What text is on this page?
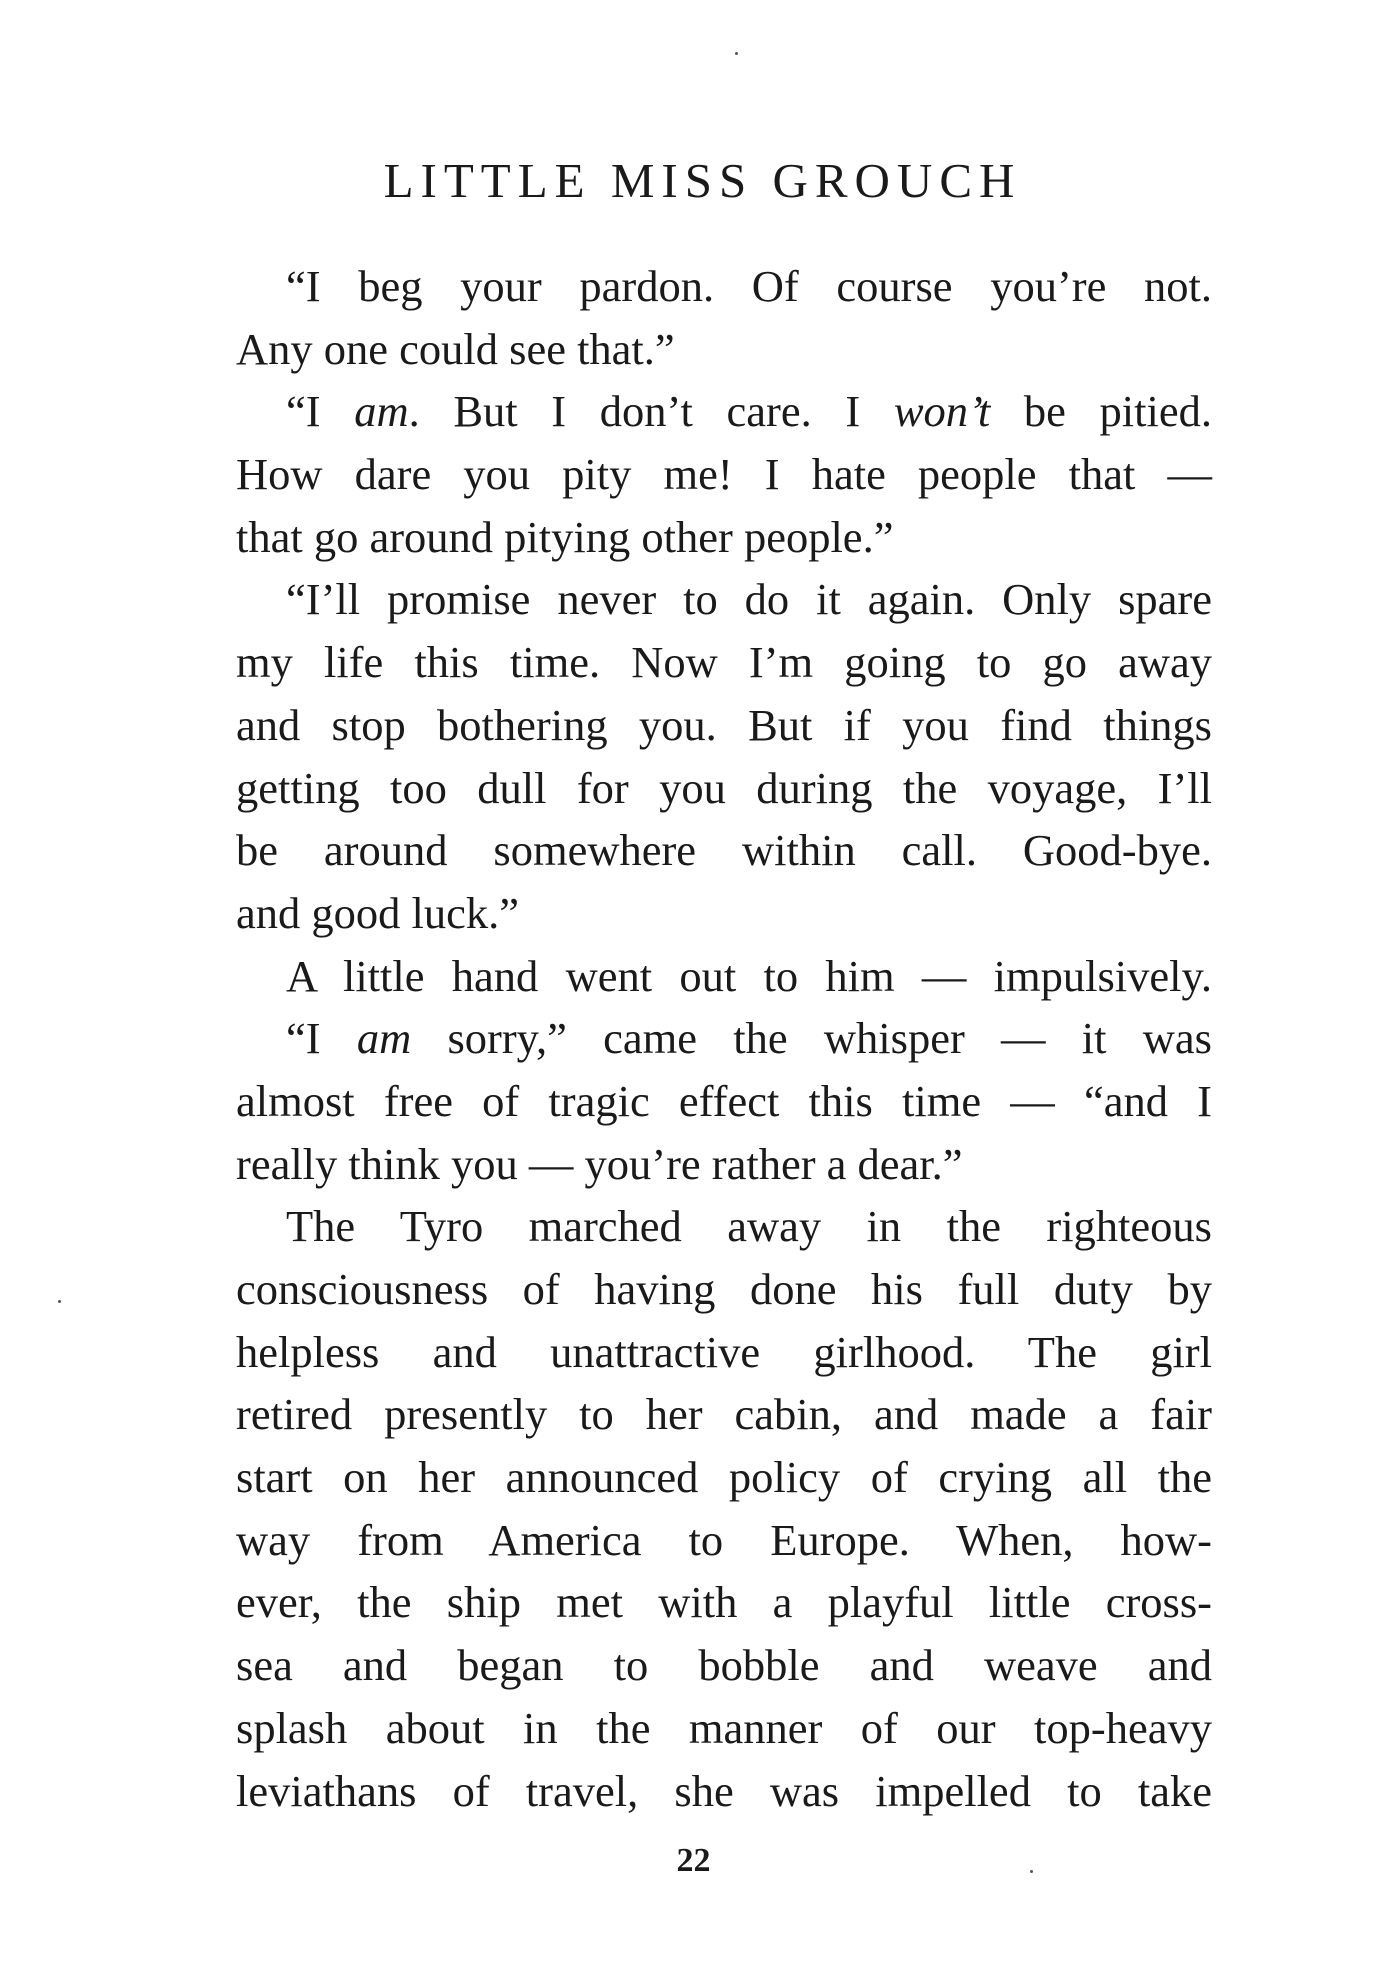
LITTLE MISS GROUCH
“I beg your pardon. Of course you’re not.
Any one could see that.”
“I am. But I don’t care. I won’t be pitied.
How dare you pity me! I hate people that —
that go around pitying other people.”
“I’ll promise never to do it again. Only spare
my life this time. Now I’m going to go away
and stop bothering you. But if you find things
getting too dull for you during the voyage, I’ll
be around somewhere within call. Good-bye.
and good luck.”
A little hand went out to him — impulsively.
“I am sorry,” came the whisper — it was
almost free of tragic effect this time — “and I
really think you — you’re rather a dear.”
The Tyro marched away in the righteous
consciousness of having done his full duty by
helpless and unattractive girlhood. The girl
retired presently to her cabin, and made a fair
start on her announced policy of crying all the
way from America to Europe. When, how-
ever, the ship met with a playful little cross-
sea and began to bobble and weave and
splash about in the manner of our top-heavy
leviathans of travel, she was impelled to take
22
